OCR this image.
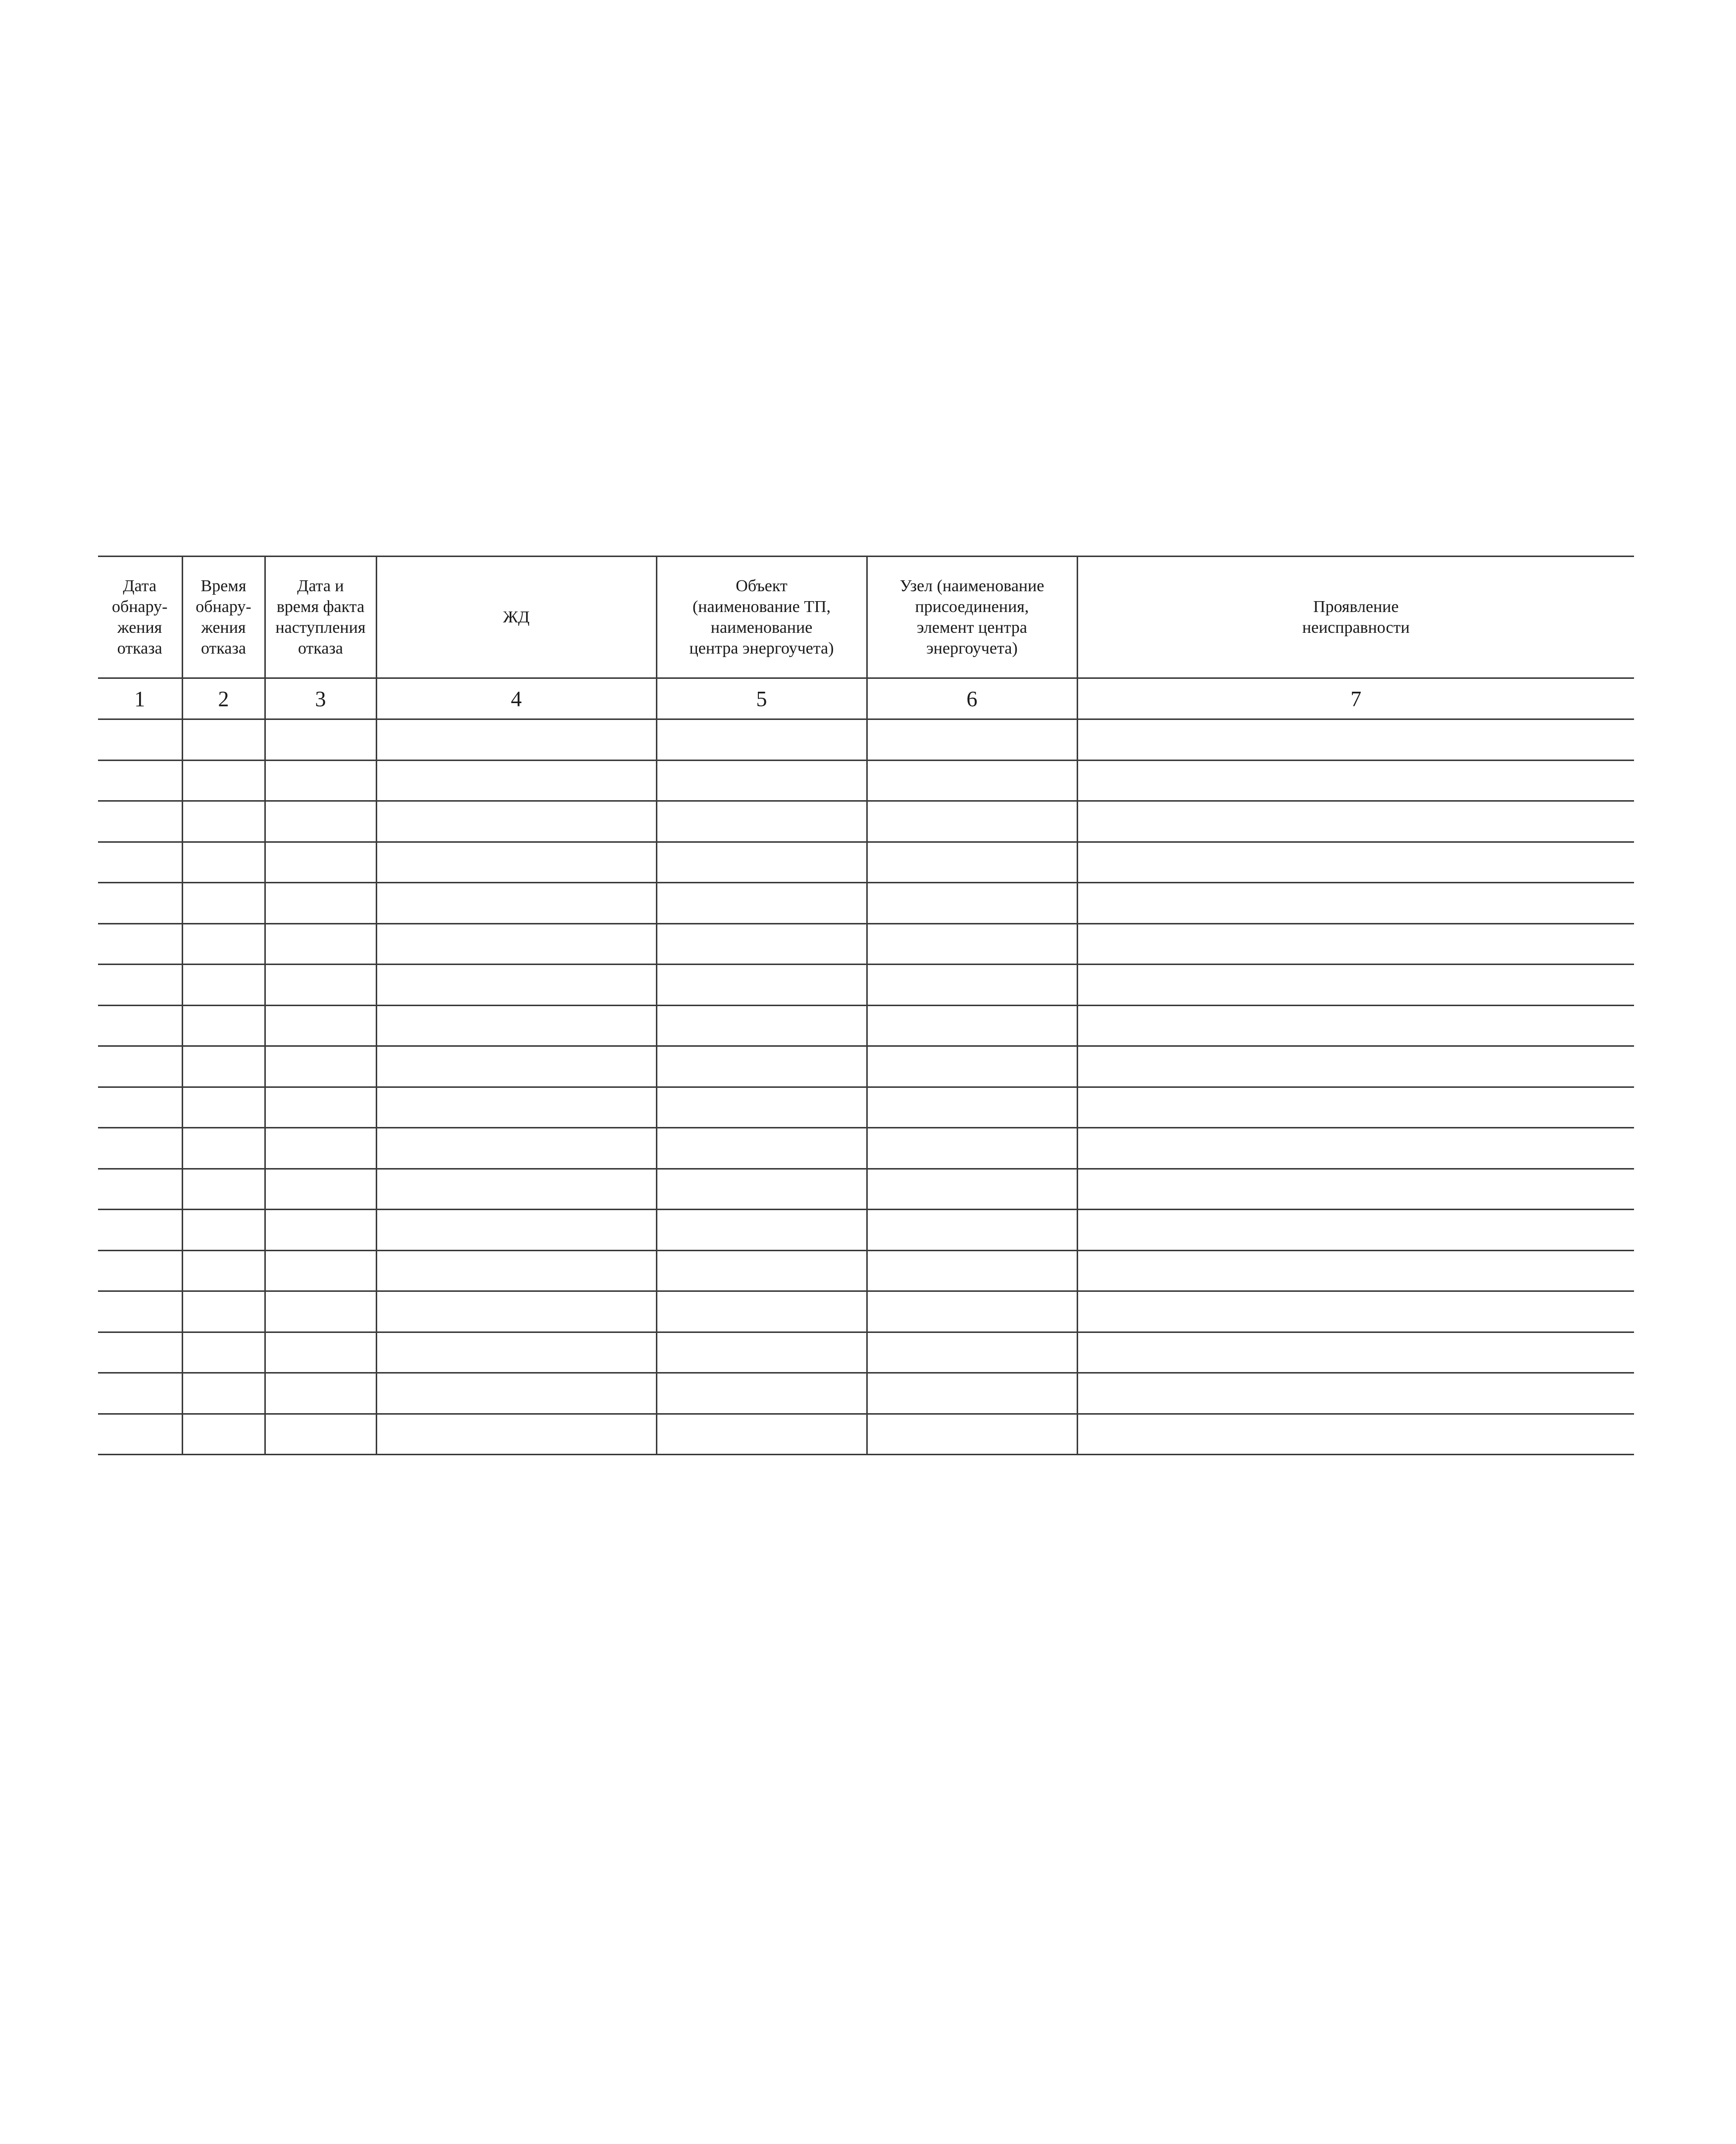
Дата
обнару-
жения
отказа	Время
обнару-
жения
отказа	Дата и
время факта
наступления
отказа	ЖД	Объект
(наименование ТП,
наименование
центра энергоучета)	Узел (наименование
присоединения,
элемент центра
энергоучета)	Проявление
неисправности
1	2	3	4	5	6	7
